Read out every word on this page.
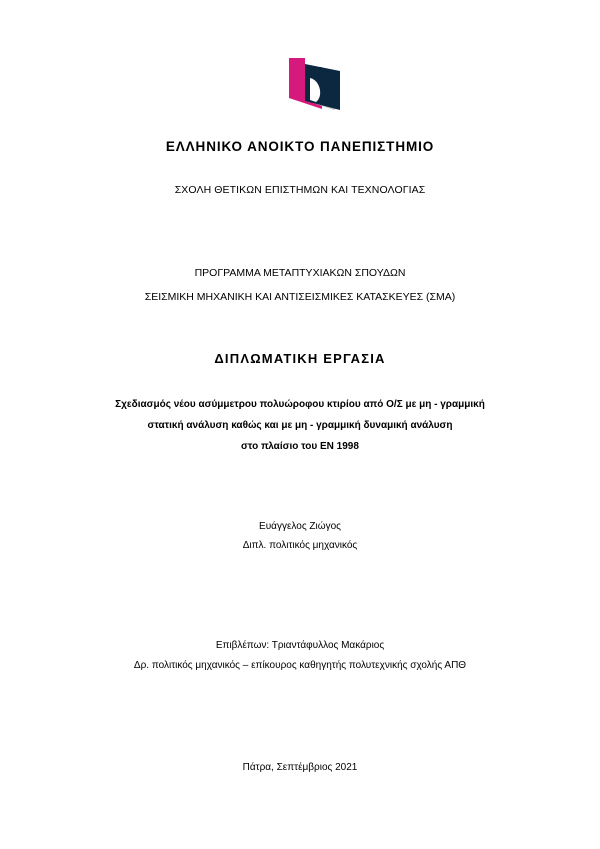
ΕΛΛΗΝΙΚΟ ΑΝΟΙΚΤΟ ΠΑΝΕΠΙΣΤΗΜΙΟ
ΣΧΟΛΗ ΘΕΤΙΚΩΝ ΕΠΙΣΤΗΜΩΝ ΚΑΙ ΤΕΧΝΟΛΟΓΙΑΣ
ΠΡΟΓΡΑΜΜΑ ΜΕΤΑΠΤΥΧΙΑΚΩΝ ΣΠΟΥΔΩΝ
ΣΕΙΣΜΙΚΗ ΜΗΧΑΝΙΚΗ ΚΑΙ ΑΝΤΙΣΕΙΣΜΙΚΕΣ ΚΑΤΑΣΚΕΥΕΣ (ΣΜΑ)
ΔΙΠΛΩΜΑΤΙΚΗ ΕΡΓΑΣΙΑ
Σχεδιασμός νέου ασύμμετρου πολυώροφου κτιρίου από Ο/Σ με μη - γραμμική
στατική ανάλυση καθώς και με μη - γραμμική δυναμική ανάλυση
στο πλαίσιο του EN 1998
Ευάγγελος Ζιώγος
Διπλ. πολιτικός μηχανικός
Επιβλέπων: Τριαντάφυλλος Μακάριος
Δρ. πολιτικός μηχανικός – επίκουρος καθηγητής πολυτεχνικής σχολής ΑΠΘ
Πάτρα, Σεπτέμβριος 2021
